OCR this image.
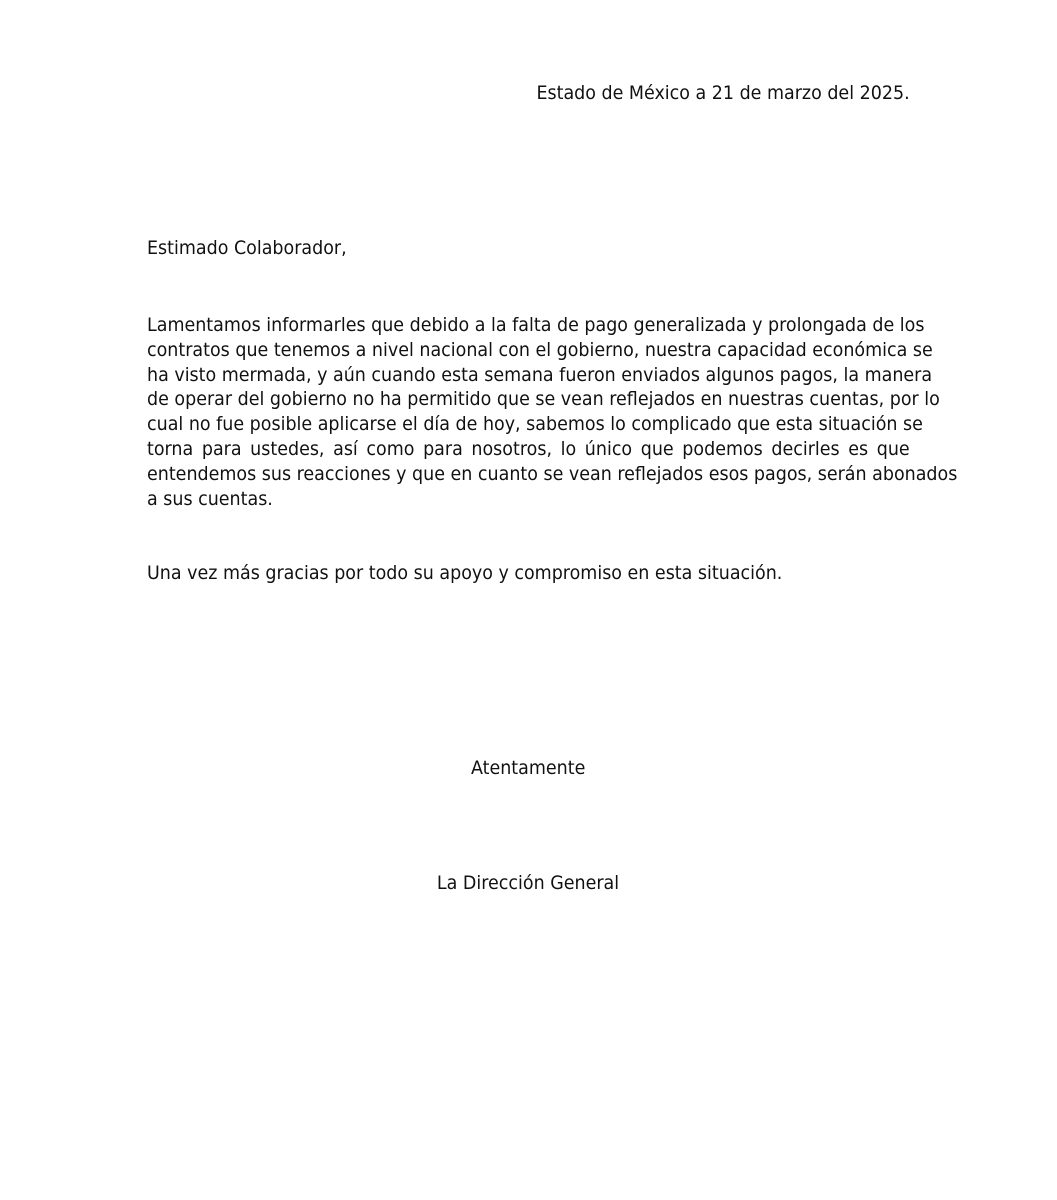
Estado de México a 21 de marzo del 2025.
Estimado Colaborador,
Lamentamos informarles que debido a la falta de pago generalizada y prolongada de los
contratos que tenemos a nivel nacional con el gobierno, nuestra capacidad económica se
ha visto mermada, y aún cuando esta semana fueron enviados algunos pagos, la manera
de operar del gobierno no ha permitido que se vean reflejados en nuestras cuentas, por lo
cual no fue posible aplicarse el día de hoy, sabemos lo complicado que esta situación se
torna para ustedes, así como para nosotros, lo único que podemos decirles es que
entendemos sus reacciones y que en cuanto se vean reflejados esos pagos, serán abonados
a sus cuentas.
Una vez más gracias por todo su apoyo y compromiso en esta situación.
Atentamente
La Dirección General
